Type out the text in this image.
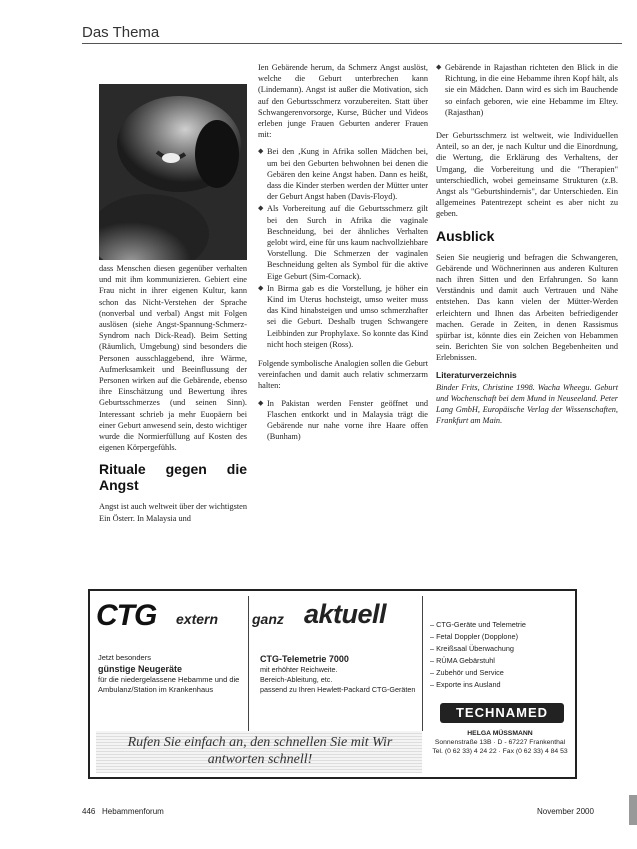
Das Thema

dass Menschen diesen gegenüber verhalten und mit ihm kommunizieren. Gebiert eine Frau nicht in ihrer eigenen Kultur, kann schon das Nicht-Verstehen der Sprache (nonverbal und verbal) Angst mit Folgen auslösen (siehe Angst-Spannung-Schmerz-Syndrom nach Dick-Read). Beim Setting (Räumlich, Umgebung) sind besonders die Personen ausschlaggebend, ihre Wärme, Aufmerksamkeit und Beeinflussung der Personen wirken auf die Gebärende, ebenso ihre Einschätzung und Bewertung ihres Geburtsschmerzes (und seinen Sinn). Interessant schrieb ja mehr Euopäern bei einer Geburt anwesend sein, desto wichtiger wurde die Normierfüllung auf Kosten des eigenen Körpergefühls.

Rituale gegen die Angst

Angst ist auch weltweit über der wichtigsten Ein Österr. In Malaysia und

Ien Gebärende herum, da Schmerz Angst auslöst, welche die Geburt unterbrechen kann (Lindemann). Angst ist außer die Motivation, sich auf den Geburtsschmerz vorzubereiten. Statt über Schwangerenvorsorge, Kurse, Bücher und Videos erleben junge Frauen Geburten anderer Frauen mit:

◆ Bei den ‚Kung in Afrika sollen Mädchen bei, um bei den Geburten behwohnen bei denen die Gebären den keine Angst haben. Dann es heißt, dass die Kinder sterben werden der Mütter unter der Geburt Angst haben (Davis-Floyd).
◆ Als Vorbereitung auf die Geburtsschmerz gilt bei den Surch in Afrika die vaginale Beschneidung, bei der ähnliches Verhalten gelobt wird, eine für uns kaum nachvollziehbare Vorstellung. Die Schmerzen der vaginalen Beschneidung gelten als Symbol für die aktive Eige Geburt (Sim-Cornack).
◆ In Birma gab es die Vorstellung, je höher ein Kind im Uterus hochsteigt, umso weiter muss das Kind hinabsteigen und umso schmerzhafter sei die Geburt. Deshalb trugen Schwangere Leibbinden zur Prophylaxe. So konnte das Kind nicht hoch steigen (Ross).

Folgende symbolische Analogien sollen die Geburt vereinfachen und damit auch relativ schmerzarm halten:

◆ In Pakistan werden Fenster geöffnet und Flaschen entkorkt und in Malaysia trägt die Gebärende nur nahe vorne ihre Haare offen (Bunham)
◆ Gebärende in Rajasthan richteten den Blick in die Richtung, in die eine Hebamme ihren Kopf hält, als sie ein Mädchen. Dann wird es sich im Bauchende so einfach geboren, wie eine Hebamme im Eltey. (Rajasthan)

Der Geburtsschmerz ist weltweit, wie Individuellen Anteil, so an der, je nach Kultur und die Einordnung, die Wertung, die Erklärung des Verhaltens, der Umgang, die Vorbereitung und die "Therapien" unterschiedlich, wobei gemeinsame Strukturen (z.B. Angst als "Geburtshindernis", dar Unterschieden. Ein allgemeines Patentrezept scheint es aber nicht zu geben.

Ausblick

Seien Sie neugierig und befragen die Schwangeren, Gebärende und Wöchnerinnen aus anderen Kulturen nach ihren Sitten und den Erfahrungen. So kann Verständnis und damit auch Vertrauen und Nähe entstehen. Das kann vielen der Mütter-Werden erleichtern und Ihnen das Arbeiten befriedigender machen. Gerade in Zeiten, in denen Rassismus spürbar ist, könnte dies ein Zeichen von Hebammen sein. Berichten Sie von solchen Begebenheiten und Erlebnissen.

Literaturverzeichnis
Binder Frits, Christine 1998. Wacha Wheegu. Geburt und Wochenschaft bei dem Mund in Neuseeland. Peter Lang GmbH, Europäische Verlag der Wissenschaften, Frankfurt am Main.
CTG extern ganz aktuell
Jetzt besonders
günstige Neugeräte
für die niedergelassene Hebamme und die Ambulanz/Station im Krankenhaus
CTG-Telemetrie 7000
mit erhöhter Reichweite.
Bereich-Ableitung, etc.
passend zu Ihren Hewlett-Packard CTG-Geräten
– CTG-Geräte und Telemetrie
– Fetal Doppler (Dopplone)
– Kreißsaal Überwachung
– RÜMA Gebärstuhl
– Zubehör und Service
– Exporte ins Ausland
TECHNAMED
HELGA MÜSSMANN
Sonnenstraße 13B · D - 67227 Frankenthal
Tel. (0 62 33) 4 24 22 · Fax (0 62 33) 4 84 53
Rufen Sie einfach an, den schnellen Sie mit Wir antworten schnell!
446 Hebammenforum	November 2000
